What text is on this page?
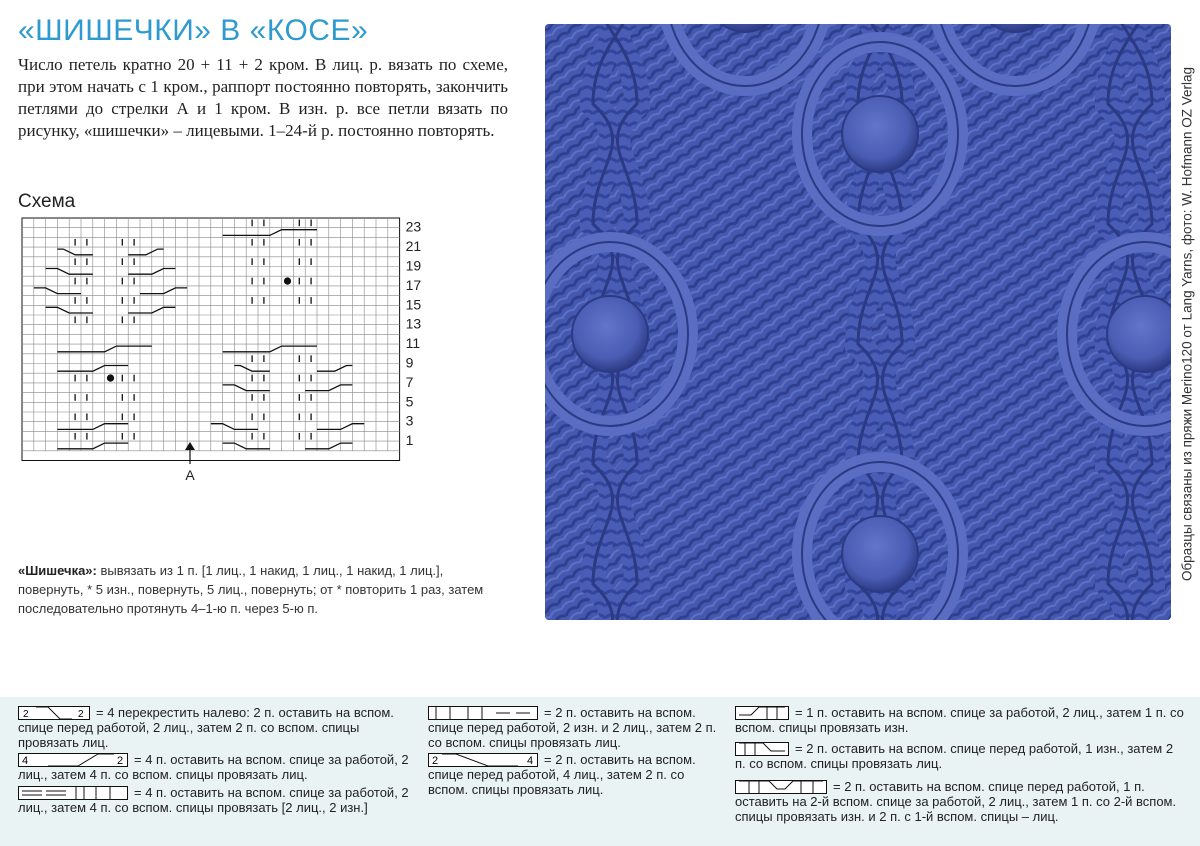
«ШИШЕЧКИ» В «КОСЕ»

Число петель кратно 20 + 11 + 2 кром. В лиц. р. вязать по схеме, при этом начать с 1 кром., раппорт постоянно повторять, закончить петлями до стрелки А и 1 кром. В изн. р. все петли вязать по рисунку, «шишечки» – лицевыми. 1–24-й р. постоянно повторять.

Схема

23
21
19
17
15
13
11
9
7
5
3
1
А

«Шишечка»: вывязать из 1 п. [1 лиц., 1 накид, 1 лиц., 1 накид, 1 лиц.], повернуть, * 5 изн., повернуть, 5 лиц., повернуть; от * повторить 1 раз, затем последовательно протянуть 4–1-ю п. через 5-ю п.

Образцы связаны из пряжи Merino120 от Lang Yarns, фото: W. Hofmann OZ Verlag
2	2 = 4 перекрестить налево: 2 п. оставить на вспом. спице перед работой, 2 лиц., затем 2 п. со вспом. спицы провязать лиц.
4	2 = 4 п. оставить на вспом. спице за работой, 2 лиц., затем 4 п. со вспом. спицы провязать лиц.
= 4 п. оставить на вспом. спице за работой, 2 лиц., затем 4 п. со вспом. спицы провязать [2 лиц., 2 изн.]
= 2 п. оставить на вспом. спице перед работой, 2 изн. и 2 лиц., затем 2 п. со вспом. спицы провязать лиц.
2	4 = 2 п. оставить на вспом. спице перед работой, 4 лиц., затем 2 п. со вспом. спицы провязать лиц.
= 1 п. оставить на вспом. спице за работой, 2 лиц., затем 1 п. со вспом. спицы провязать изн.
= 2 п. оставить на вспом. спице перед работой, 1 изн., затем 2 п. со вспом. спицы провязать лиц.
= 2 п. оставить на вспом. спице перед работой, 1 п. оставить на 2-й вспом. спице за работой, 2 лиц., затем 1 п. со 2-й вспом. спицы провязать изн. и 2 п. с 1-й вспом. спицы – лиц.
